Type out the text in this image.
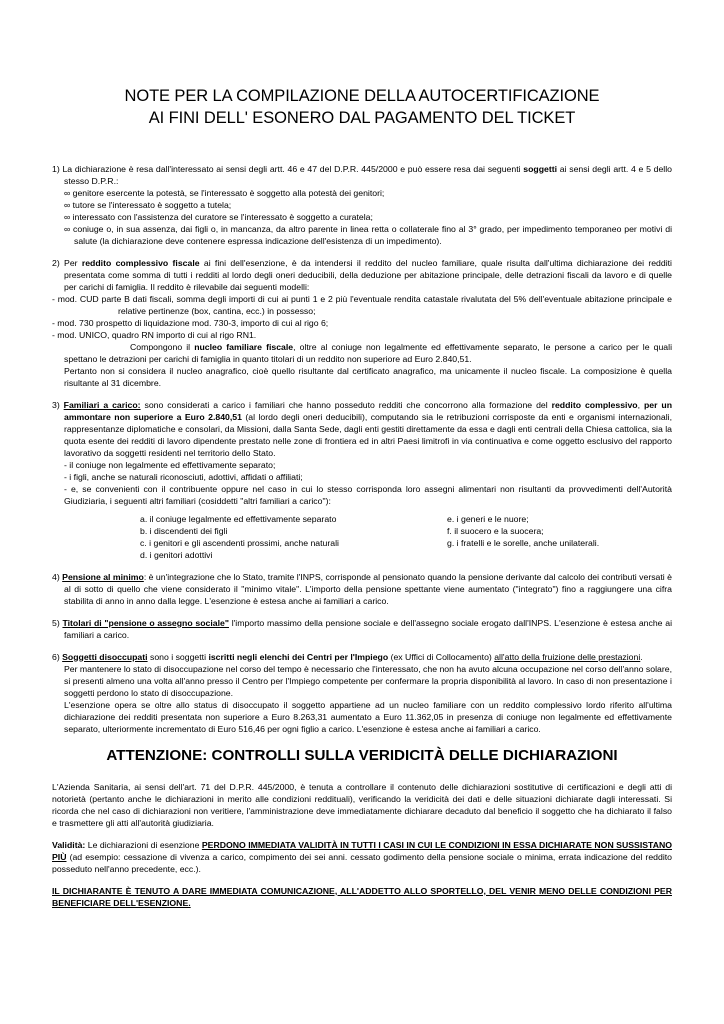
NOTE PER LA COMPILAZIONE DELLA AUTOCERTIFICAZIONE
AI FINI DELL' ESONERO DAL PAGAMENTO DEL TICKET

1) La dichiarazione è resa dall'interessato ai sensi degli artt. 46 e 47 del D.P.R. 445/2000 e può essere resa dai seguenti soggetti ai sensi degli artt. 4 e 5 dello stesso D.P.R.:

∞ genitore esercente la potestà, se l'interessato è soggetto alla potestà dei genitori;

∞ tutore se l'interessato è soggetto a tutela;

∞ interessato con l'assistenza del curatore se l'interessato è soggetto a curatela;

∞ coniuge o, in sua assenza, dai figli o, in mancanza, da altro parente in linea retta o collaterale fino al 3° grado, per impedimento temporaneo per motivi di salute (la dichiarazione deve contenere espressa indicazione dell'esistenza di un impedimento).

2) Per reddito complessivo fiscale ai fini dell'esenzione, è da intendersi il reddito del nucleo familiare, quale risulta dall'ultima dichiarazione dei redditi presentata come somma di tutti i redditi al lordo degli oneri deducibili, della deduzione per abitazione principale, delle detrazioni fiscali da lavoro e di quelle per carichi di famiglia. Il reddito è rilevabile dai seguenti modelli:

- mod. CUD parte B dati fiscali, somma degli importi di cui ai punti 1 e 2 più l'eventuale rendita catastale rivalutata del 5% dell'eventuale abitazione principale e relative pertinenze (box, cantina, ecc.) in possesso;

- mod. 730 prospetto di liquidazione mod. 730-3, importo di cui al rigo 6;

- mod. UNICO, quadro RN importo di cui al rigo RN1.

Compongono il nucleo familiare fiscale, oltre al coniuge non legalmente ed effettivamente separato, le persone a carico per le quali spettano le detrazioni per carichi di famiglia in quanto titolari di un reddito non superiore ad Euro 2.840,51.

Pertanto non si considera il nucleo anagrafico, cioè quello risultante dal certificato anagrafico, ma unicamente il nucleo fiscale. La composizione è quella risultante al 31 dicembre.

3) Familiari a carico: sono considerati a carico i familiari che hanno posseduto redditi che concorrono alla formazione del reddito complessivo, per un ammontare non superiore a Euro 2.840,51 (al lordo degli oneri deducibili), computando sia le retribuzioni corrisposte da enti e organismi internazionali, rappresentanze diplomatiche e consolari, da Missioni, dalla Santa Sede, dagli enti gestiti direttamente da essa e dagli enti centrali della Chiesa cattolica, sia la quota esente dei redditi di lavoro dipendente prestato nelle zone di frontiera ed in altri Paesi limitrofi in via continuativa e come oggetto esclusivo del rapporto lavorativo da soggetti residenti nel territorio dello Stato.

- il coniuge non legalmente ed effettivamente separato;

- i figli, anche se naturali riconosciuti, adottivi, affidati o affiliati;

- e, se convenienti con il contribuente oppure nel caso in cui lo stesso corrisponda loro assegni alimentari non risultanti da provvedimenti dell'Autorità Giudiziaria, i seguenti altri familiari (cosiddetti "altri familiari a carico"):

a. il coniuge legalmente ed effettivamente separato
b. i discendenti dei figli
c. i genitori e gli ascendenti prossimi, anche naturali
d. i genitori adottivi
e. i generi e le nuore;
f. il suocero e la suocera;
g. i fratelli e le sorelle, anche unilaterali.

4) Pensione al minimo: è un'integrazione che lo Stato, tramite l'INPS, corrisponde al pensionato quando la pensione derivante dal calcolo dei contributi versati è al di sotto di quello che viene considerato il "minimo vitale". L'importo della pensione spettante viene aumentato ("integrato") fino a raggiungere una cifra stabilita di anno in anno dalla legge. L'esenzione è estesa anche ai familiari a carico.

5) Titolari di "pensione o assegno sociale" l'importo massimo della pensione sociale e dell'assegno sociale erogato dall'INPS. L'esenzione è estesa anche ai familiari a carico.

6) Soggetti disoccupati sono i soggetti iscritti negli elenchi dei Centri per l'Impiego (ex Uffici di Collocamento) all'atto della fruizione delle prestazioni.

Per mantenere lo stato di disoccupazione nel corso del tempo è necessario che l'interessato, che non ha avuto alcuna occupazione nel corso dell'anno solare, si presenti almeno una volta all'anno presso il Centro per l'Impiego competente per confermare la propria disponibilità al lavoro. In caso di non presentazione i soggetti perdono lo stato di disoccupazione.

L'esenzione opera se oltre allo status di disoccupato il soggetto appartiene ad un nucleo familiare con un reddito complessivo lordo riferito all'ultima dichiarazione dei redditi presentata non superiore a Euro 8.263,31 aumentato a Euro 11.362,05 in presenza di coniuge non legalmente ed effettivamente separato, ulteriormente incrementato di Euro 516,46 per ogni figlio a carico. L'esenzione è estesa anche ai familiari a carico.

ATTENZIONE: CONTROLLI SULLA VERIDICITÀ DELLE DICHIARAZIONI

L'Azienda Sanitaria, ai sensi dell'art. 71 del D.P.R. 445/2000, è tenuta a controllare il contenuto delle dichiarazioni sostitutive di certificazioni e degli atti di notorietà (pertanto anche le dichiarazioni in merito alle condizioni reddituali), verificando la veridicità dei dati e delle situazioni dichiarate dagli interessati. Si ricorda che nel caso di dichiarazioni non veritiere, l'amministrazione deve immediatamente dichiarare decaduto dal beneficio il soggetto che ha dichiarato il falso e trasmettere gli atti all'autorità giudiziaria.

Validità: Le dichiarazioni di esenzione PERDONO IMMEDIATA VALIDITÀ IN TUTTI I CASI IN CUI LE CONDIZIONI IN ESSA DICHIARATE NON SUSSISTANO PIÙ (ad esempio: cessazione di vivenza a carico, compimento dei sei anni. cessato godimento della pensione sociale o minima, errata indicazione del reddito posseduto nell'anno precedente, ecc.).

IL DICHIARANTE È TENUTO A DARE IMMEDIATA COMUNICAZIONE, ALL'ADDETTO ALLO SPORTELLO, DEL VENIR MENO DELLE CONDIZIONI PER BENEFICIARE DELL'ESENZIONE.
